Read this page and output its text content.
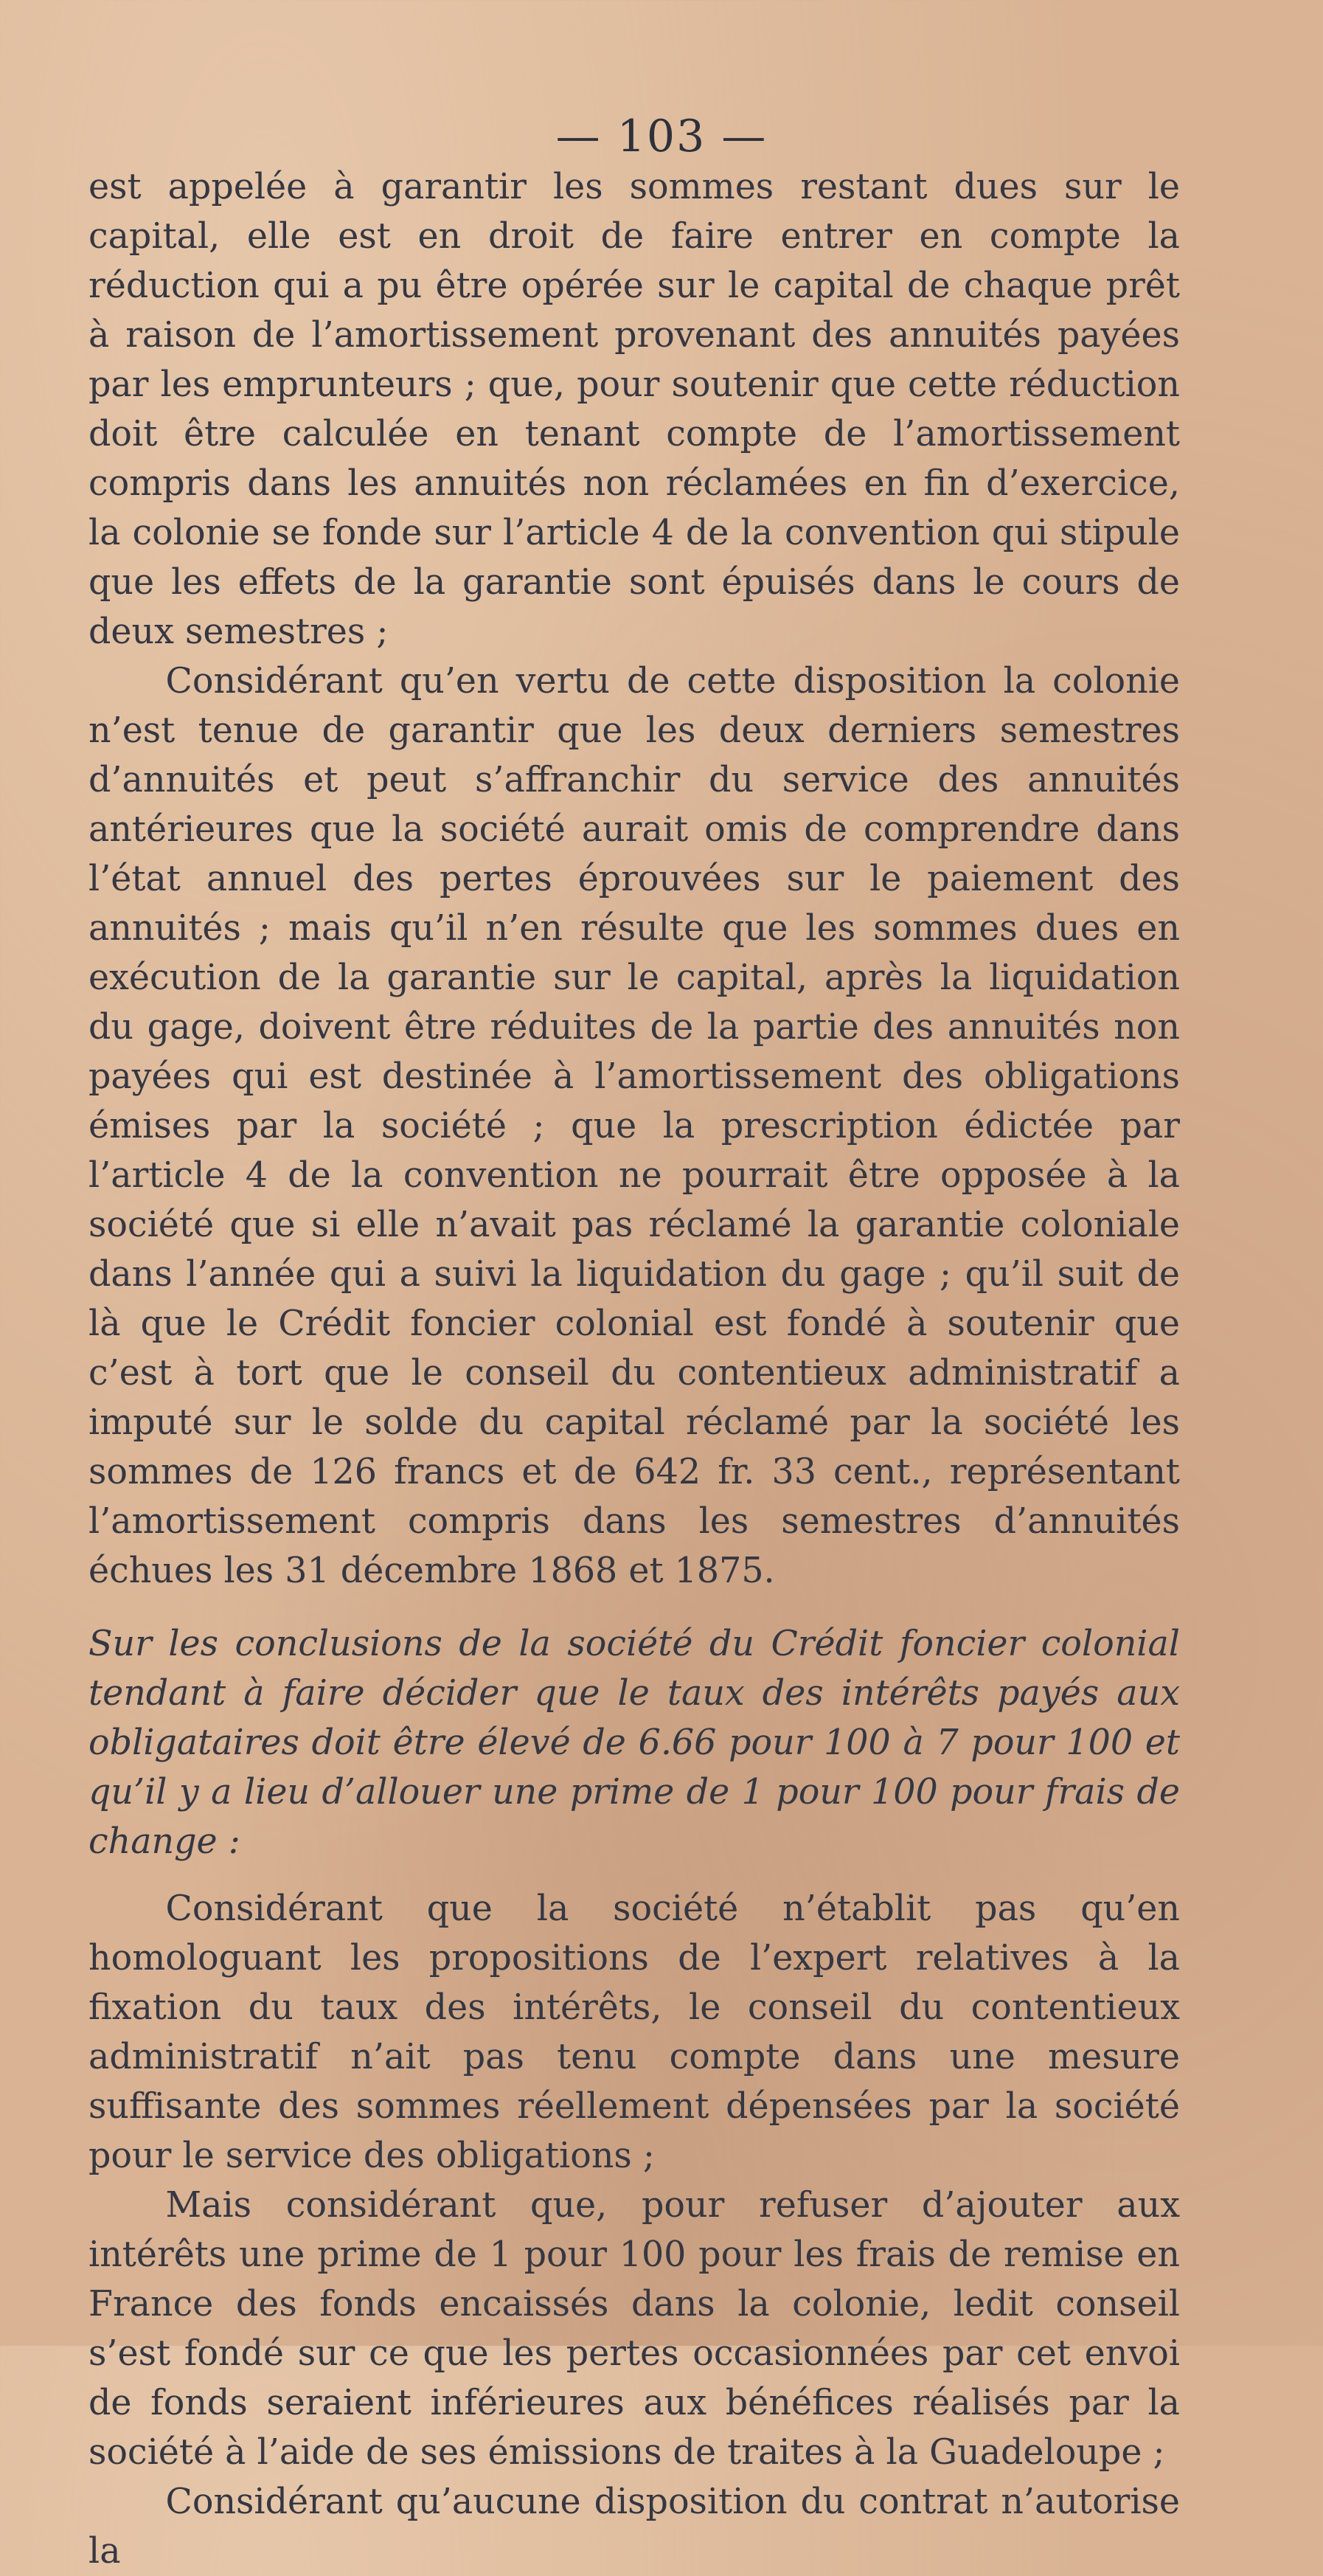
— 103 —

est appelée à garantir les sommes restant dues sur le capital, elle est en droit de faire entrer en compte la réduction qui a pu être opérée sur le capital de chaque prêt à raison de l’amortissement provenant des annuités payées par les emprunteurs ; que, pour soutenir que cette réduction doit être calculée en tenant compte de l’amortissement compris dans les annuités non réclamées en fin d’exercice, la colonie se fonde sur l’article 4 de la convention qui stipule que les effets de la garantie sont épuisés dans le cours de deux semestres ;

Considérant qu’en vertu de cette disposition la colonie n’est tenue de garantir que les deux derniers semestres d’annuités et peut s’affranchir du service des annuités antérieures que la société aurait omis de comprendre dans l’état annuel des pertes éprouvées sur le paiement des annuités ; mais qu’il n’en résulte que les sommes dues en exécution de la garantie sur le capital, après la liquidation du gage, doivent être réduites de la partie des annuités non payées qui est destinée à l’amortissement des obligations émises par la société ; que la prescription édictée par l’article 4 de la convention ne pourrait être opposée à la société que si elle n’avait pas réclamé la garantie coloniale dans l’année qui a suivi la liquidation du gage ; qu’il suit de là que le Crédit foncier colonial est fondé à soutenir que c’est à tort que le conseil du contentieux administratif a imputé sur le solde du capital réclamé par la société les sommes de 126 francs et de 642 fr. 33 cent., représentant l’amortissement compris dans les semestres d’annuités échues les 31 décembre 1868 et 1875.

Sur les conclusions de la société du Crédit foncier colonial tendant à faire décider que le taux des intérêts payés aux obligataires doit être élevé de 6.66 pour 100 à 7 pour 100 et qu’il y a lieu d’allouer une prime de 1 pour 100 pour frais de change :

Considérant que la société n’établit pas qu’en homologuant les propositions de l’expert relatives à la fixation du taux des intérêts, le conseil du contentieux administratif n’ait pas tenu compte dans une mesure suffisante des sommes réellement dépensées par la société pour le service des obligations ;

Mais considérant que, pour refuser d’ajouter aux intérêts une prime de 1 pour 100 pour les frais de remise en France des fonds encaissés dans la colonie, ledit conseil s’est fondé sur ce que les pertes occasionnées par cet envoi de fonds seraient inférieures aux bénéfices réalisés par la société à l’aide de ses émissions de traites à la Guadeloupe ;

Considérant qu’aucune disposition du contrat n’autorise la
